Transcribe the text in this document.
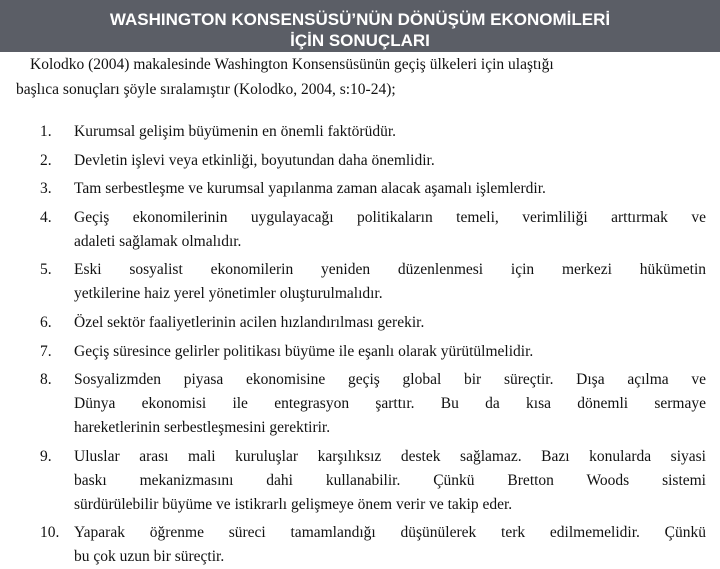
WASHINGTON KONSENSÜSÜ’NÜN DÖNÜŞÜM EKONOMİLERİ
İÇİN SONUÇLARI
Kolodko (2004) makalesinde Washington Konsensüsünün geçiş ülkeleri için ulaştığı
başlıca sonuçları şöyle sıralamıştır (Kolodko, 2004, s:10-24);
1.	Kurumsal gelişim büyümenin en önemli faktörüdür.
2.	Devletin işlevi veya etkinliği, boyutundan daha önemlidir.
3.	Tam serbestleşme ve kurumsal yapılanma zaman alacak aşamalı işlemlerdir.
4.	Geçiş ekonomilerinin uygulayacağı politikaların temeli, verimliliği arttırmak ve
adaleti sağlamak olmalıdır.
5.	Eski sosyalist ekonomilerin yeniden düzenlenmesi için merkezi hükümetin
yetkilerine haiz yerel yönetimler oluşturulmalıdır.
6.	Özel sektör faaliyetlerinin acilen hızlandırılması gerekir.
7.	Geçiş süresince gelirler politikası büyüme ile eşanlı olarak yürütülmelidir.
8.	Sosyalizmden piyasa ekonomisine geçiş global bir süreçtir. Dışa açılma ve
Dünya ekonomisi ile entegrasyon şarttır. Bu da kısa dönemli sermaye
hareketlerinin serbestleşmesini gerektirir.
9.	Uluslar arası mali kuruluşlar karşılıksız destek sağlamaz. Bazı konularda siyasi
baskı mekanizmasını dahi kullanabilir. Çünkü Bretton Woods sistemi
sürdürülebilir büyüme ve istikrarlı gelişmeye önem verir ve takip eder.
10. Yaparak öğrenme süreci tamamlandığı düşünülerek terk edilmemelidir. Çünkü
bu çok uzun bir süreçtir.
